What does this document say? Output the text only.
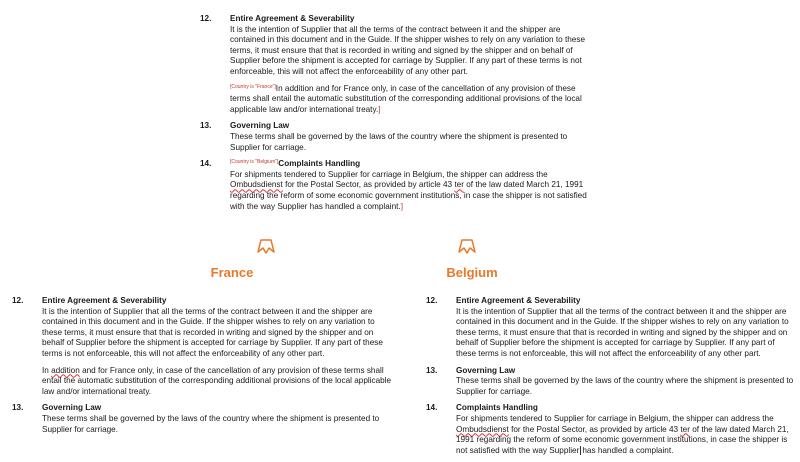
12. Entire Agreement & Severability
It is the intention of Supplier that all the terms of the contract between it and the shipper are contained in this document and in the Guide. If the shipper wishes to rely on any variation to these terms, it must ensure that that is recorded in writing and signed by the shipper and on behalf of Supplier before the shipment is accepted for carriage by Supplier. If any part of these terms is not enforceable, this will not affect the enforceability of any other part.
[Country is "France"]In addition and for France only, in case of the cancellation of any provision of these terms shall entail the automatic substitution of the corresponding additional provisions of the local applicable law and/or international treaty.]
13. Governing Law
These terms shall be governed by the laws of the country where the shipment is presented to Supplier for carriage.
14.	[Country is "Belgium"]Complaints Handling
For shipments tendered to Supplier for carriage in Belgium, the shipper can address the Ombudsdienst for the Postal Sector, as provided by article 43 ter of the law dated March 21, 1991 regarding the reform of some economic government institutions, in case the shipper is not satisfied with the way Supplier has handled a complaint.]
France	Belgium
12. Entire Agreement & Severability
It is the intention of Supplier that all the terms of the contract between it and the shipper are contained in this document and in the Guide. If the shipper wishes to rely on any variation to these terms, it must ensure that that is recorded in writing and signed by the shipper and on behalf of Supplier before the shipment is accepted for carriage by Supplier. If any part of these terms is not enforceable, this will not affect the enforceability of any other part.
In addition and for France only, in case of the cancellation of any provision of these terms shall entail the automatic substitution of the corresponding additional provisions of the local applicable law and/or international treaty.
13. Governing Law
These terms shall be governed by the laws of the country where the shipment is presented to Supplier for carriage.
12. Entire Agreement & Severability
It is the intention of Supplier that all the terms of the contract between it and the shipper are contained in this document and in the Guide. If the shipper wishes to rely on any variation to these terms, it must ensure that that is recorded in writing and signed by the shipper and on behalf of Supplier before the shipment is accepted for carriage by Supplier. If any part of these terms is not enforceable, this will not affect the enforceability of any other part.
13. Governing Law
These terms shall be governed by the laws of the country where the shipment is presented to Supplier for carriage.
14. Complaints Handling
For shipments tendered to Supplier for carriage in Belgium, the shipper can address the Ombudsdienst for the Postal Sector, as provided by article 43 ter of the law dated March 21, 1991 regarding the reform of some economic government institutions, in case the shipper is not satisfied with the way Supplier has handled a complaint.
